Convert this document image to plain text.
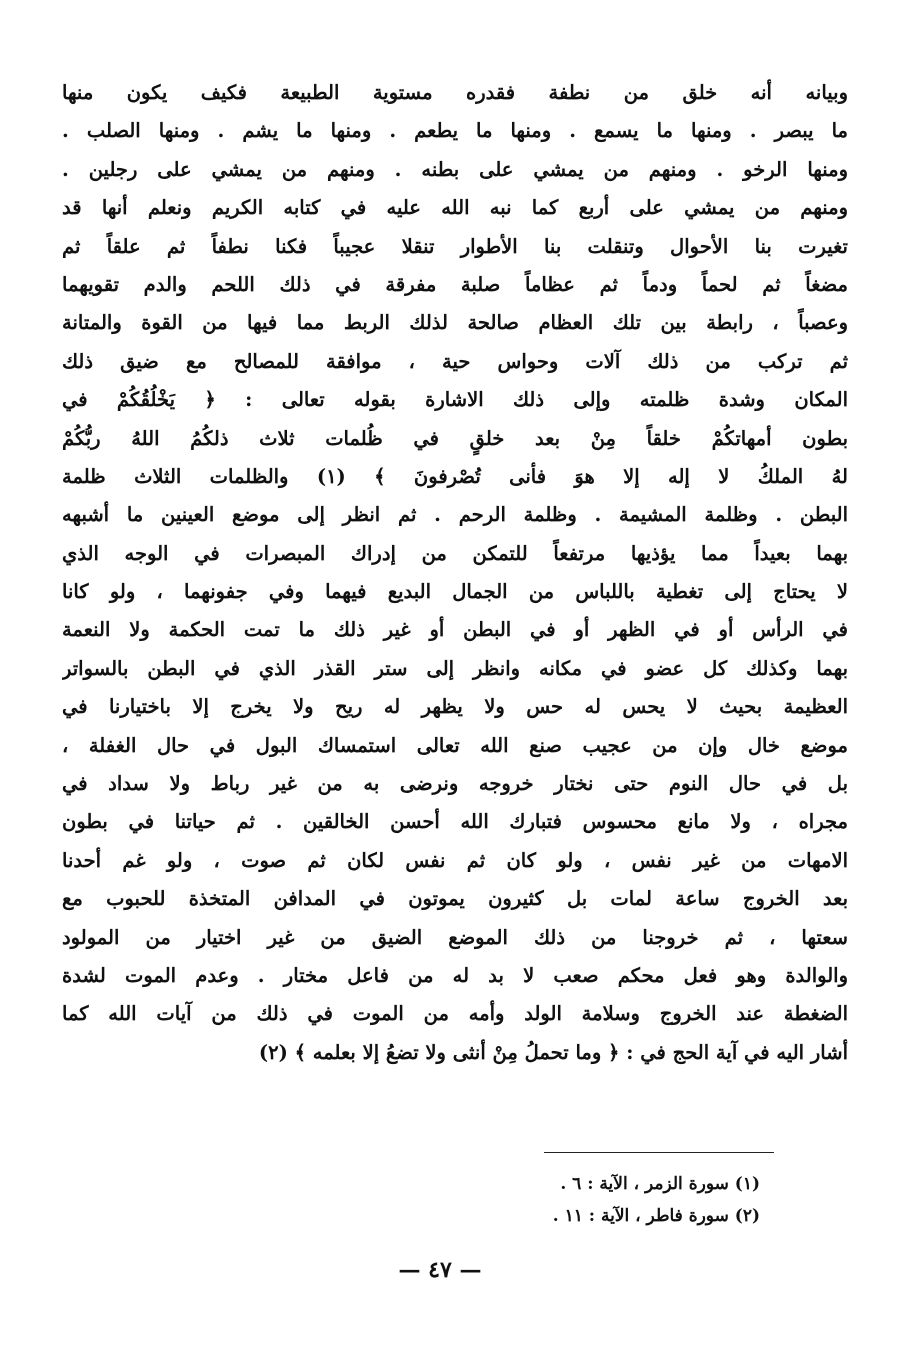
وبيانه أنه خلق من نطفة فقدره مستوية الطبيعة فكيف يكون منها
ما يبصر . ومنها ما يسمع . ومنها ما يطعم . ومنها ما يشم . ومنها الصلب .
ومنها الرخو . ومنهم من يمشي على بطنه . ومنهم من يمشي على رجلين .
ومنهم من يمشي على أربع كما نبه الله عليه في كتابه الكريم ونعلم أنها قد
تغيرت بنا الأحوال وتنقلت بنا الأطوار تنقلا عجيباً فكنا نطفاً ثم علقاً ثم
مضغاً ثم لحماً ودماً ثم عظاماً صلبة مفرقة في ذلك اللحم والدم تقويهما
وعصباً ، رابطة بين تلك العظام صالحة لذلك الربط مما فيها من القوة والمتانة
ثم تركب من ذلك آلات وحواس حية ، موافقة للمصالح مع ضيق ذلك
المكان وشدة ظلمته وإلى ذلك الاشارة بقوله تعالى : ﴿ يَخْلُقُكُمْ في
بطون أمهاتكُمْ خلقاً مِنْ بعد خلقٍ في ظُلمات ثلاث ذلكُمُ اللهُ ربُّكُمْ
لهُ الملكُ لا إله إلا هوَ فأنى تُصْرفونَ ﴾ (١) والظلمات الثلاث ظلمة
البطن . وظلمة المشيمة . وظلمة الرحم . ثم انظر إلى موضع العينين ما أشبهه
بهما بعيداً مما يؤذيها مرتفعاً للتمكن من إدراك المبصرات في الوجه الذي
لا يحتاج إلى تغطية باللباس من الجمال البديع فيهما وفي جفونهما ، ولو كانا
في الرأس أو في الظهر أو في البطن أو غير ذلك ما تمت الحكمة ولا النعمة
بهما وكذلك كل عضو في مكانه وانظر إلى ستر القذر الذي في البطن بالسواتر
العظيمة بحيث لا يحس له حس ولا يظهر له ريح ولا يخرج إلا باختيارنا في
موضع خال وإن من عجيب صنع الله تعالى استمساك البول في حال الغفلة ،
بل في حال النوم حتى نختار خروجه ونرضى به من غير رباط ولا سداد في
مجراه ، ولا مانع محسوس فتبارك الله أحسن الخالقين . ثم حياتنا في بطون
الامهات من غير نفس ، ولو كان ثم نفس لكان ثم صوت ، ولو غم أحدنا
بعد الخروج ساعة لمات بل كثيرون يموتون في المدافن المتخذة للحبوب مع
سعتها ، ثم خروجنا من ذلك الموضع الضيق من غير اختيار من المولود
والوالدة وهو فعل محكم صعب لا بد له من فاعل مختار . وعدم الموت لشدة
الضغطة عند الخروج وسلامة الولد وأمه من الموت في ذلك من آيات الله كما
أشار اليه في آية الحج في : ﴿ وما تحملُ مِنْ أنثى ولا تضعُ إلا بعلمه ﴾ (٢)
(١) سورة الزمر ، الآية : ٦ .
(٢) سورة فاطر ، الآية : ١١ .
— ٤٧ —
